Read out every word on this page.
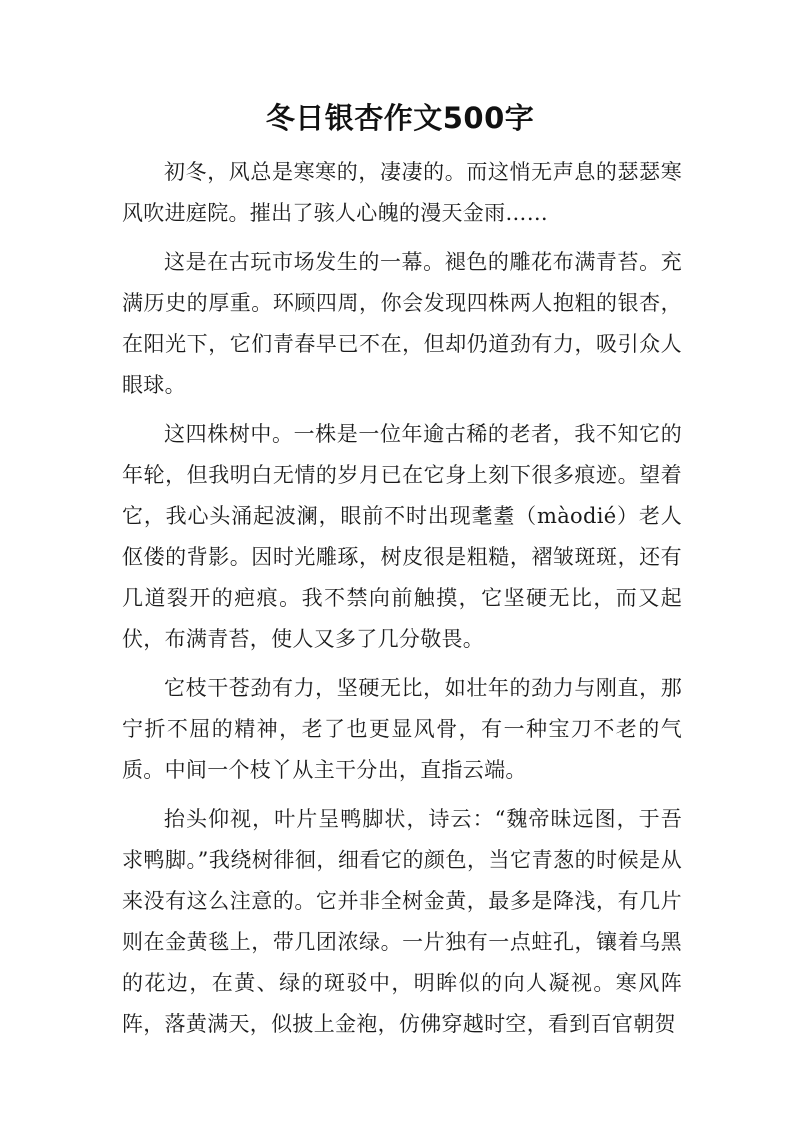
冬日银杏作文500字

初冬，风总是寒寒的，凄凄的。而这悄无声息的瑟瑟寒风吹进庭院。摧出了骇人心魄的漫天金雨……

这是在古玩市场发生的一幕。褪色的雕花布满青苔。充满历史的厚重。环顾四周，你会发现四株两人抱粗的银杏，在阳光下，它们青春早已不在，但却仍道劲有力，吸引众人眼球。

这四株树中。一株是一位年逾古稀的老者，我不知它的年轮，但我明白无情的岁月已在它身上刻下很多痕迹。望着它，我心头涌起波澜，眼前不时出现耄耋（màodié）老人伛偻的背影。因时光雕琢，树皮很是粗糙，褶皱斑斑，还有几道裂开的疤痕。我不禁向前触摸，它坚硬无比，而又起伏，布满青苔，使人又多了几分敬畏。

它枝干苍劲有力，坚硬无比，如壮年的劲力与刚直，那宁折不屈的精神，老了也更显风骨，有一种宝刀不老的气质。中间一个枝丫从主干分出，直指云端。

抬头仰视，叶片呈鸭脚状，诗云：“魏帝昧远图，于吾求鸭脚。”我绕树徘徊，细看它的颜色，当它青葱的时候是从来没有这么注意的。它并非全树金黄，最多是降浅，有几片则在金黄毯上，带几团浓绿。一片独有一点蛀孔，镶着乌黑的花边，在黄、绿的斑驳中，明眸似的向人凝视。寒风阵阵，落黄满天，似披上金袍，仿佛穿越时空，看到百官朝贺
